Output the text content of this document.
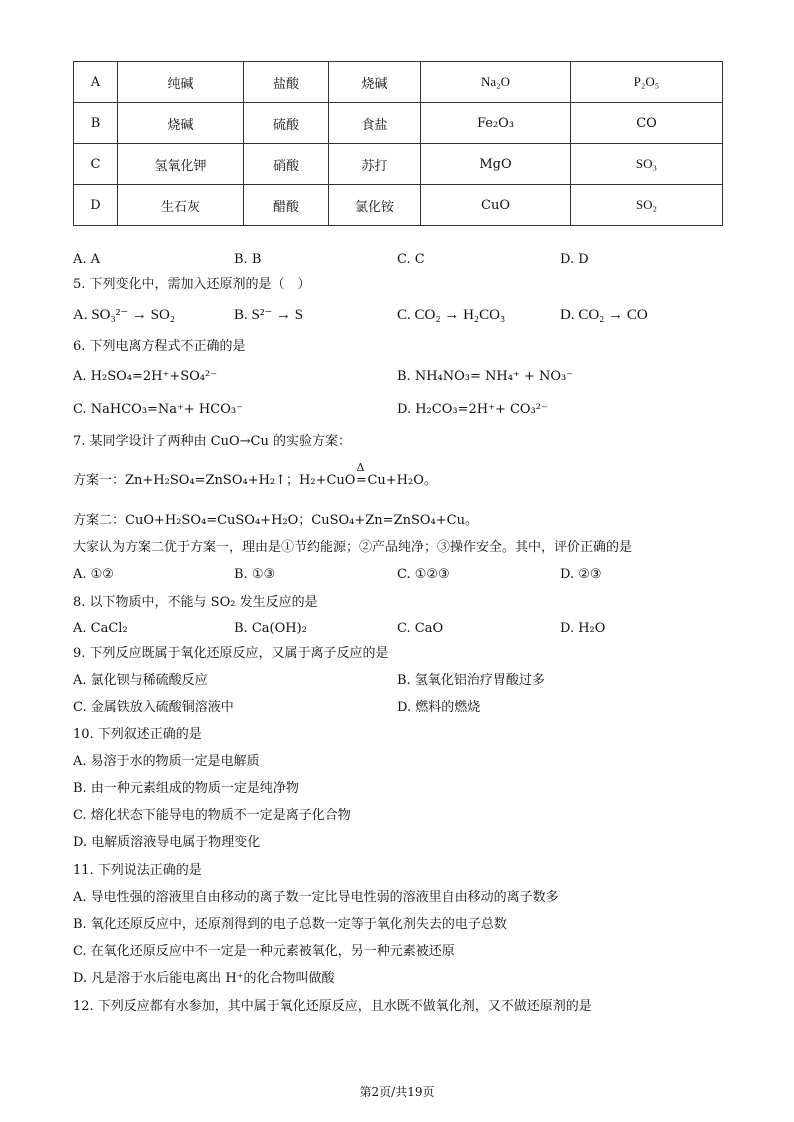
A	纯碱	盐酸	烧碱	Na₂O	P₂O₅
B	烧碱	硫酸	食盐	Fe₂O₃	CO
C	氢氧化钾	硝酸	苏打	MgO	SO₃
D	生石灰	醋酸	氯化铵	CuO	SO₂
A. A	B. B	C. C	D. D
5. 下列变化中，需加入还原剂的是（　）
A. SO₃²⁻ → SO₂	B. S²⁻ → S	C. CO₂ → H₂CO₃	D. CO₂ → CO
6. 下列电离方程式不正确的是
A. H₂SO₄=2H⁺+SO₄²⁻	B. NH₄NO₃= NH₄⁺ + NO₃⁻
C. NaHCO₃=Na⁺+ HCO₃⁻	D. H₂CO₃=2H⁺+ CO₃²⁻
7. 某同学设计了两种由 CuO→Cu 的实验方案：
方案一：Zn+H₂SO₄=ZnSO₄+H₂↑；H₂+CuO
Δ
=Cu+H₂O。
方案二：CuO+H₂SO₄=CuSO₄+H₂O；CuSO₄+Zn=ZnSO₄+Cu。
大家认为方案二优于方案一，理由是①节约能源；②产品纯净；③操作安全。其中，评价正确的是
A. ①②	B. ①③	C. ①②③	D. ②③
8. 以下物质中，不能与 SO₂ 发生反应的是
A. CaCl₂	B. Ca(OH)₂	C. CaO	D. H₂O
9. 下列反应既属于氧化还原反应，又属于离子反应的是
A. 氯化钡与稀硫酸反应	B. 氢氧化铝治疗胃酸过多
C. 金属铁放入硫酸铜溶液中	D. 燃料的燃烧
10. 下列叙述正确的是
A. 易溶于水的物质一定是电解质
B. 由一种元素组成的物质一定是纯净物
C. 熔化状态下能导电的物质不一定是离子化合物
D. 电解质溶液导电属于物理变化
11. 下列说法正确的是
A. 导电性强的溶液里自由移动的离子数一定比导电性弱的溶液里自由移动的离子数多
B. 氧化还原反应中，还原剂得到的电子总数一定等于氧化剂失去的电子总数
C. 在氧化还原反应中不一定是一种元素被氧化，另一种元素被还原
D. 凡是溶于水后能电离出 H⁺的化合物叫做酸
12. 下列反应都有水参加，其中属于氧化还原反应，且水既不做氧化剂，又不做还原剂的是
第2页/共19页
